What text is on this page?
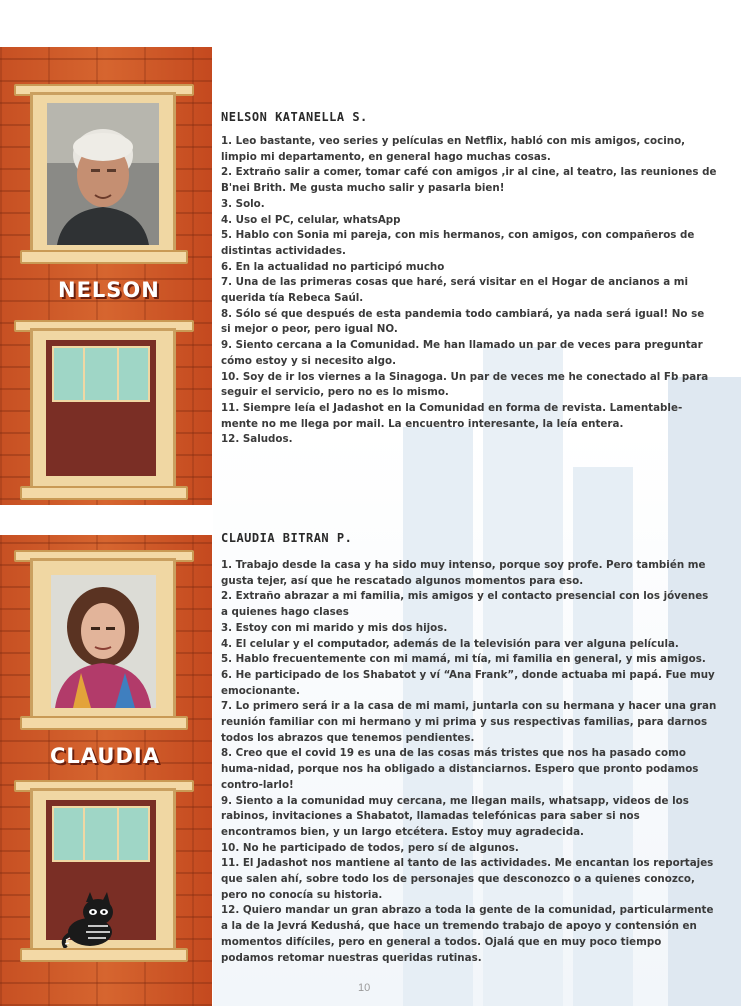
NELSON
CLAUDIA
NELSON KATANELLA S.

1. Leo bastante, veo series y películas en Netflix, habló con mis amigos, cocino, limpio mi departamento, en general hago muchas cosas.

2. Extraño salir a comer, tomar café con amigos ,ir al cine, al teatro, las reuniones de B'nei Brith. Me gusta mucho salir y pasarla bien!

3. Solo.

4. Uso el PC, celular, whatsApp

5. Hablo con Sonia mi pareja, con mis hermanos, con amigos, con compañeros de distintas actividades.

6. En la actualidad no participó mucho

7. Una de las primeras cosas que haré, será visitar en el Hogar de ancianos a mi querida tía Rebeca Saúl.

8. Sólo sé que después de esta pandemia todo cambiará, ya nada será igual! No se si mejor o peor, pero igual NO.

9. Siento cercana a la Comunidad. Me han llamado un par de veces para preguntar cómo estoy y si necesito algo.

10. Soy de ir los viernes a la Sinagoga. Un par de veces me he conectado al Fb para seguir el servicio, pero no es lo mismo.

11. Siempre leía el Jadashot en la Comunidad en forma de revista. Lamentable-mente no me llega por mail. La encuentro interesante, la leía entera.

12. Saludos.

CLAUDIA BITRAN P.

1. Trabajo desde la casa y ha sido muy intenso, porque soy profe. Pero también me gusta tejer, así que he rescatado algunos momentos para eso.

2. Extraño abrazar a mi familia, mis amigos y el contacto presencial con los jóvenes a quienes hago clases

3. Estoy con mi marido y mis dos hijos.

4. El celular y el computador, además de la televisión para ver alguna película.

5. Hablo frecuentemente con mi mamá, mi tía, mi familia en general, y mis amigos.

6. He participado de los Shabatot y ví “Ana Frank”, donde actuaba mi papá. Fue muy emocionante.

7. Lo primero será ir a la casa de mi mami, juntarla con su hermana y hacer una gran reunión familiar con mi hermano y mi prima y sus respectivas familias, para darnos todos los abrazos que tenemos pendientes.

8. Creo que el covid 19 es una de las cosas más tristes que nos ha pasado como huma-nidad, porque nos ha obligado a distanciarnos. Espero que pronto podamos contro-larlo!

9. Siento a la comunidad muy cercana, me llegan mails, whatsapp, videos de los rabinos, invitaciones a Shabatot, llamadas telefónicas para saber si nos encontramos bien, y un largo etcétera. Estoy muy agradecida.

10. No he participado de todos, pero sí de algunos.

11. El Jadashot nos mantiene al tanto de las actividades. Me encantan los reportajes que salen ahí, sobre todo los de personajes que desconozco o a quienes conozco, pero no conocía su historia.

12. Quiero mandar un gran abrazo a toda la gente de la comunidad, particularmente a la de la Jevrá Kedushá, que hace un tremendo trabajo de apoyo y contensión en momentos difíciles, pero en general a todos. Ojalá que en muy poco tiempo podamos retomar nuestras queridas rutinas.

10
